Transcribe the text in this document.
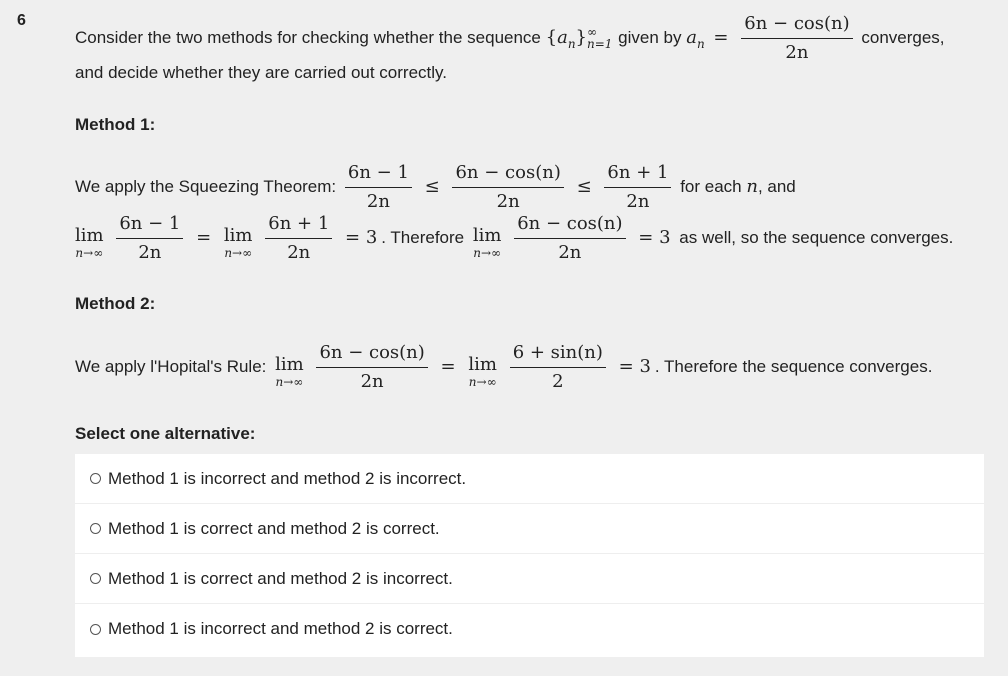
6
Consider the two methods for checking whether the sequence $\{a_n\}$ ∞
n=1 given by $a_n = \frac{6n - \cos(n)}{2n}$ converges,
and decide whether they are carried out correctly.
Method 1:
We apply the Squeezing Theorem: $\frac{6n - 1}{2n} \le \frac{6n - \cos(n)}{2n} \le \frac{6n + 1}{2n}$ for each n, and
lim
n→∞
$\frac{6n - 1}{2n} = \lim$
n→∞
$\frac{6n + 1}{2n} = 3$ . Therefore lim
n→∞
$\frac{6n - \cos(n)}{2n} = 3$ as well, so the sequence converges.
Method 2:
We apply l'Hopital's Rule: lim
n→∞
$\frac{6n - \cos(n)}{2n} = \lim$
n→∞
$\frac{6 + \sin(n)}{2} = 3$ . Therefore the sequence converges.
Select one alternative:
Method 1 is incorrect and method 2 is incorrect.
Method 1 is correct and method 2 is correct.
Method 1 is correct and method 2 is incorrect.
Method 1 is incorrect and method 2 is correct.
